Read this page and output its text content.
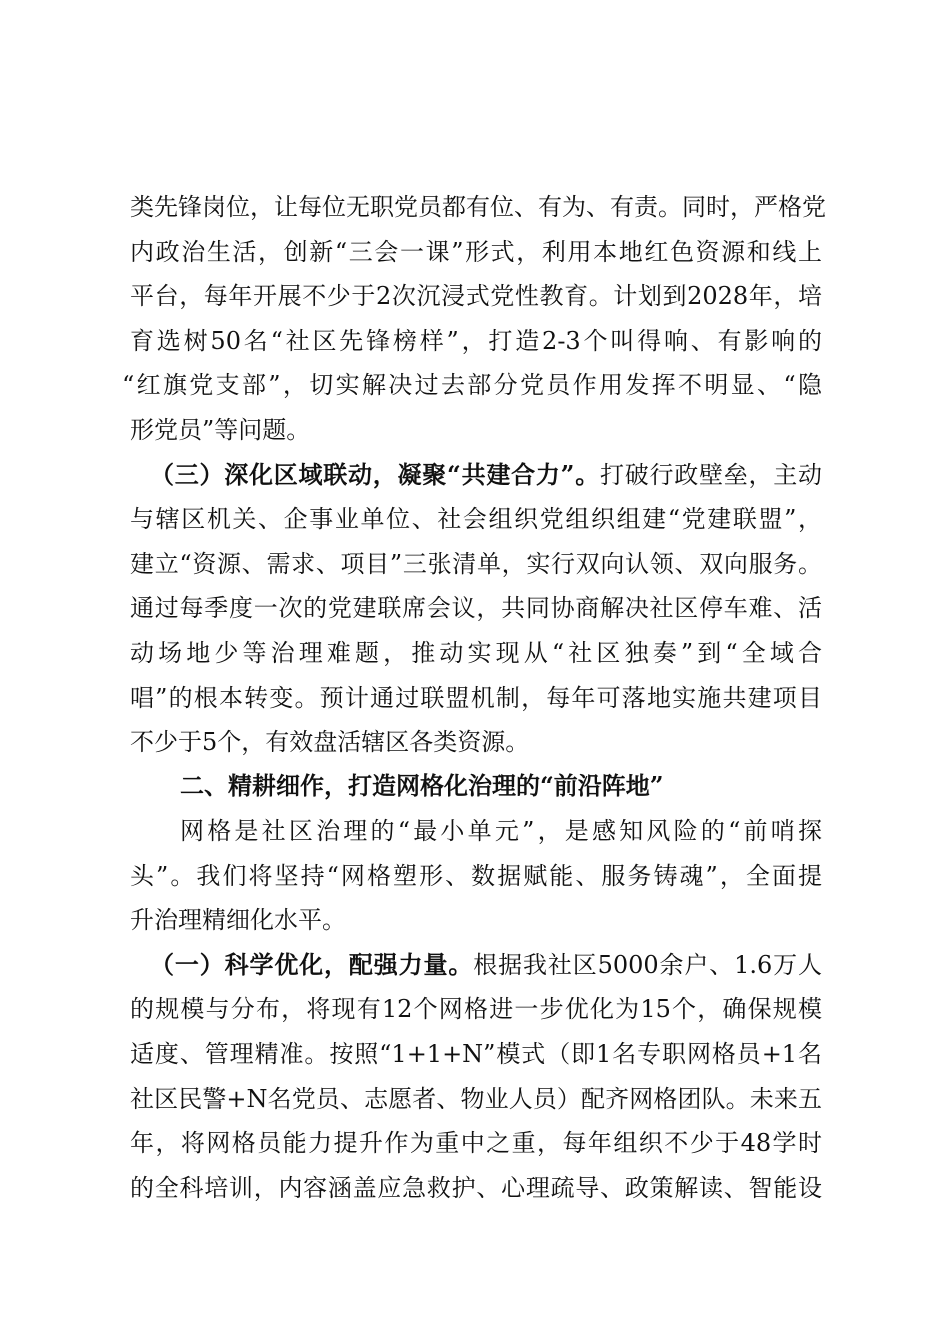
类先锋岗位，让每位无职党员都有位、有为、有责。同时，严格党
内政治生活，创新“三会一课”形式，利用本地红色资源和线上
平台，每年开展不少于2次沉浸式党性教育。计划到2028年，培
育选树50名“社区先锋榜样”，打造2-3个叫得响、有影响的
“红旗党支部”，切实解决过去部分党员作用发挥不明显、“隐
形党员”等问题。
（三）深化区域联动，凝聚“共建合力”。打破行政壁垒，主动
与辖区机关、企事业单位、社会组织党组织组建“党建联盟”，
建立“资源、需求、项目”三张清单，实行双向认领、双向服务。
通过每季度一次的党建联席会议，共同协商解决社区停车难、活
动场地少等治理难题，推动实现从“社区独奏”到“全域合
唱”的根本转变。预计通过联盟机制，每年可落地实施共建项目
不少于5个，有效盘活辖区各类资源。
二、精耕细作，打造网格化治理的“前沿阵地”
网格是社区治理的“最小单元”，是感知风险的“前哨探
头”。我们将坚持“网格塑形、数据赋能、服务铸魂”，全面提
升治理精细化水平。
（一）科学优化，配强力量。根据我社区5000余户、1.6万人
的规模与分布，将现有12个网格进一步优化为15个，确保规模
适度、管理精准。按照“1+1+N”模式（即1名专职网格员+1名
社区民警+N名党员、志愿者、物业人员）配齐网格团队。未来五
年，将网格员能力提升作为重中之重，每年组织不少于48学时
的全科培训，内容涵盖应急救护、心理疏导、政策解读、智能设
